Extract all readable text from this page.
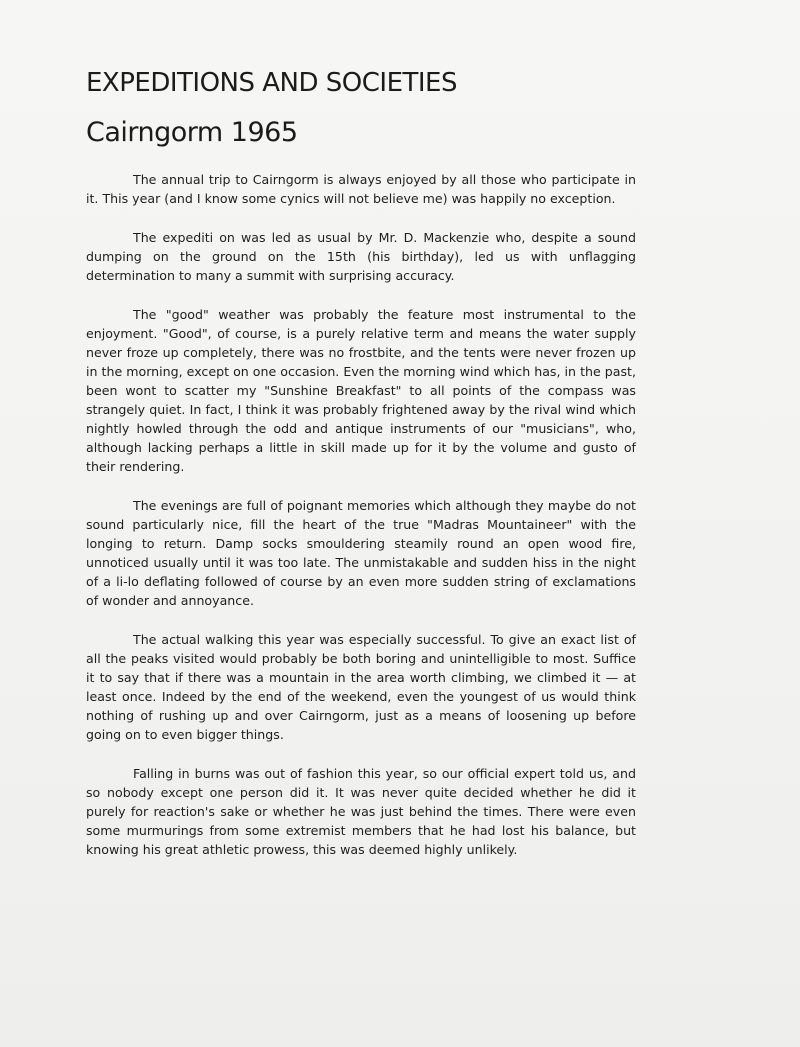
EXPEDITIONS AND SOCIETIES
Cairngorm 1965

The annual trip to Cairngorm is always enjoyed by all those who participate in it. This year (and I know some cynics will not believe me) was happily no exception.

The expediti on was led as usual by Mr. D. Mackenzie who, despite a sound dumping on the ground on the 15th (his birthday), led us with unflagging determination to many a summit with surprising accuracy.

The "good" weather was probably the feature most instrumental to the enjoyment. "Good", of course, is a purely relative term and means the water supply never froze up completely, there was no frostbite, and the tents were never frozen up in the morning, except on one occasion. Even the morning wind which has, in the past, been wont to scatter my "Sunshine Breakfast" to all points of the compass was strangely quiet. In fact, I think it was probably frightened away by the rival wind which nightly howled through the odd and antique instruments of our "musicians", who, although lacking perhaps a little in skill made up for it by the volume and gusto of their rendering.

The evenings are full of poignant memories which although they maybe do not sound particularly nice, fill the heart of the true "Madras Mountaineer" with the longing to return. Damp socks smouldering steamily round an open wood fire, unnoticed usually until it was too late. The unmistakable and sudden hiss in the night of a li-lo deflating followed of course by an even more sudden string of exclamations of wonder and annoyance.

The actual walking this year was especially successful. To give an exact list of all the peaks visited would probably be both boring and unintelligible to most. Suffice it to say that if there was a mountain in the area worth climbing, we climbed it — at least once. Indeed by the end of the weekend, even the youngest of us would think nothing of rushing up and over Cairngorm, just as a means of loosening up before going on to even bigger things.

Falling in burns was out of fashion this year, so our official expert told us, and so nobody except one person did it. It was never quite decided whether he did it purely for reaction's sake or whether he was just behind the times. There were even some murmurings from some extremist members that he had lost his balance, but knowing his great athletic prowess, this was deemed highly unlikely.
